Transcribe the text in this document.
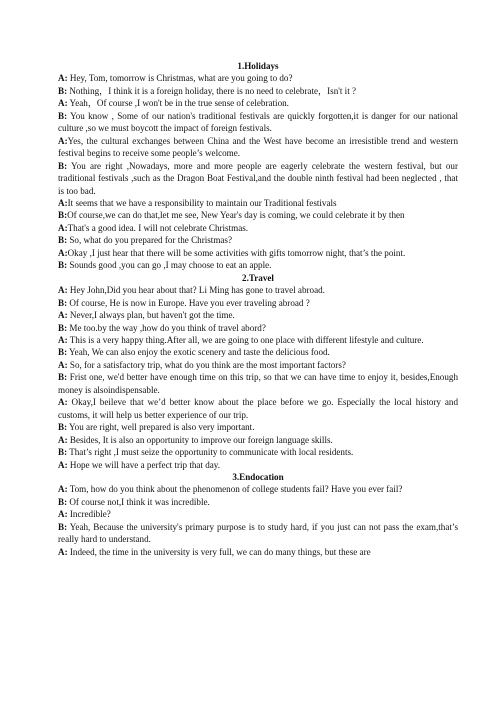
1.Holidays

A: Hey, Tom, tomorrow is Christmas, what are you going to do?

B: Nothing，I think it is a foreign holiday, there is no need to celebrate，Isn't it ?

A: Yeah，Of course ,I won't be in the true sense of celebration.

B: You know , Some of our nation's traditional festivals are quickly forgotten,it is danger for our national culture ,so we must boycott the impact of foreign festivals.

A:Yes, the cultural exchanges between China and the West have become an irresistible trend and western festival begins to receive some people’s welcome.

B: You are right ,Nowadays, more and more people are eagerly celebrate the western festival, but our traditional festivals ,such as the Dragon Boat Festival,and the double ninth festival had been neglected , that is too bad.

A:It seems that we have a responsibility to maintain our Traditional festivals

B:Of course,we can do that,let me see, New Year's day is coming, we could celebrate it by then

A:That's a good idea. I will not celebrate Christmas.

B: So, what do you prepared for the Christmas?

A:Okay ,I just hear that there will be some activities with gifts tomorrow night, that’s the point.

B: Sounds good ,you can go ,I may choose to eat an apple.

2.Travel

A: Hey John,Did you hear about that? Li Ming has gone to travel abroad.

B: Of course, He is now in Europe. Have you ever traveling abroad ?

A: Never,I always plan, but haven't got the time.

B: Me too.by the way ,how do you think of travel abord?

A: This is a very happy thing.After all, we are going to one place with different lifestyle and culture.

B: Yeah, We can also enjoy the exotic scenery and taste the delicious food.

A: So, for a satisfactory trip, what do you think are the most important factors?

B: Frist one, we'd better have enough time on this trip, so that we can have time to enjoy it, besides,Enough money is alsoindispensable.

A: Okay,I beileve that we’d better know about the place before we go. Especially the local history and customs, it will help us better experience of our trip.

B: You are right, well prepared is also very important.

A: Besides, It is also an opportunity to improve our foreign language skills.

B: That’s right ,I must seize the opportunity to communicate with local residents.

A: Hope we will have a perfect trip that day.

3.Endocation

A: Tom, how do you think about the phenomenon of college students fail? Have you ever fail?

B: Of course not,I think it was incredible.

A: Incredible?

B: Yeah, Because the university's primary purpose is to study hard, if you just can not pass the exam,that’s really hard to understand.

A: Indeed, the time in the university is very full, we can do many things, but these are
